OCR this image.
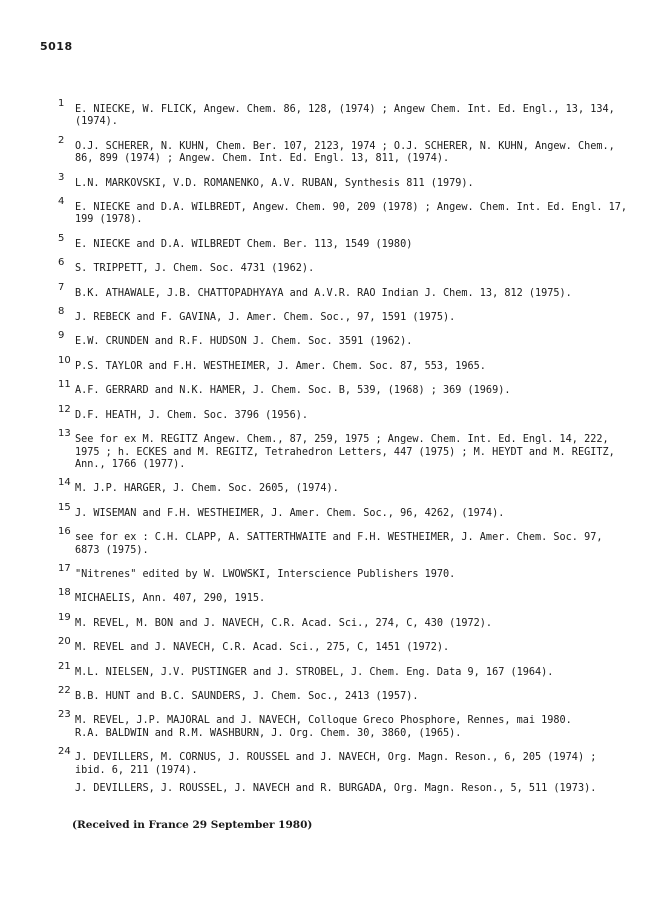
5018
1
E. NIECKE, W. FLICK, Angew. Chem. 86, 128, (1974) ; Angew Chem. Int. Ed. Engl., 13, 134,
(1974).
2
O.J. SCHERER, N. KUHN, Chem. Ber. 107, 2123, 1974 ; O.J. SCHERER, N. KUHN, Angew. Chem.,
86, 899 (1974) ; Angew. Chem. Int. Ed. Engl. 13, 811, (1974).
3
L.N. MARKOVSKI, V.D. ROMANENKO, A.V. RUBAN, Synthesis 811 (1979).
4
E. NIECKE and D.A. WILBREDT, Angew. Chem. 90, 209 (1978) ; Angew. Chem. Int. Ed. Engl. 17,
199 (1978).
5
E. NIECKE and D.A. WILBREDT Chem. Ber. 113, 1549 (1980)
6
S. TRIPPETT, J. Chem. Soc. 4731 (1962).
7
B.K. ATHAWALE, J.B. CHATTOPADHYAYA and A.V.R. RAO Indian J. Chem. 13, 812 (1975).
8
J. REBECK and F. GAVINA, J. Amer. Chem. Soc., 97, 1591 (1975).
9
E.W. CRUNDEN and R.F. HUDSON J. Chem. Soc. 3591 (1962).
10
P.S. TAYLOR and F.H. WESTHEIMER, J. Amer. Chem. Soc. 87, 553, 1965.
11
A.F. GERRARD and N.K. HAMER, J. Chem. Soc. B, 539, (1968) ; 369 (1969).
12
D.F. HEATH, J. Chem. Soc. 3796 (1956).
13
See for ex M. REGITZ Angew. Chem., 87, 259, 1975 ; Angew. Chem. Int. Ed. Engl. 14, 222,
1975 ; h. ECKES and M. REGITZ, Tetrahedron Letters, 447 (1975) ; M. HEYDT and M. REGITZ,
Ann., 1766 (1977).
14
M. J.P. HARGER, J. Chem. Soc. 2605, (1974).
15
J. WISEMAN and F.H. WESTHEIMER, J. Amer. Chem. Soc., 96, 4262, (1974).
16
see for ex : C.H. CLAPP, A. SATTERTHWAITE and F.H. WESTHEIMER, J. Amer. Chem. Soc. 97,
6873 (1975).
17
"Nitrenes" edited by W. LWOWSKI, Interscience Publishers 1970.
18
MICHAELIS, Ann. 407, 290, 1915.
19
M. REVEL, M. BON and J. NAVECH, C.R. Acad. Sci., 274, C, 430 (1972).
20
M. REVEL and J. NAVECH, C.R. Acad. Sci., 275, C, 1451 (1972).
21
M.L. NIELSEN, J.V. PUSTINGER and J. STROBEL, J. Chem. Eng. Data 9, 167 (1964).
22
B.B. HUNT and B.C. SAUNDERS, J. Chem. Soc., 2413 (1957).
23
M. REVEL, J.P. MAJORAL and J. NAVECH, Colloque Greco Phosphore, Rennes, mai 1980.
R.A. BALDWIN and R.M. WASHBURN, J. Org. Chem. 30, 3860, (1965).
24
J. DEVILLERS, M. CORNUS, J. ROUSSEL and J. NAVECH, Org. Magn. Reson., 6, 205 (1974) ;
ibid. 6, 211 (1974).
J. DEVILLERS, J. ROUSSEL, J. NAVECH and R. BURGADA, Org. Magn. Reson., 5, 511 (1973).
(Received in France 29 September 1980)
